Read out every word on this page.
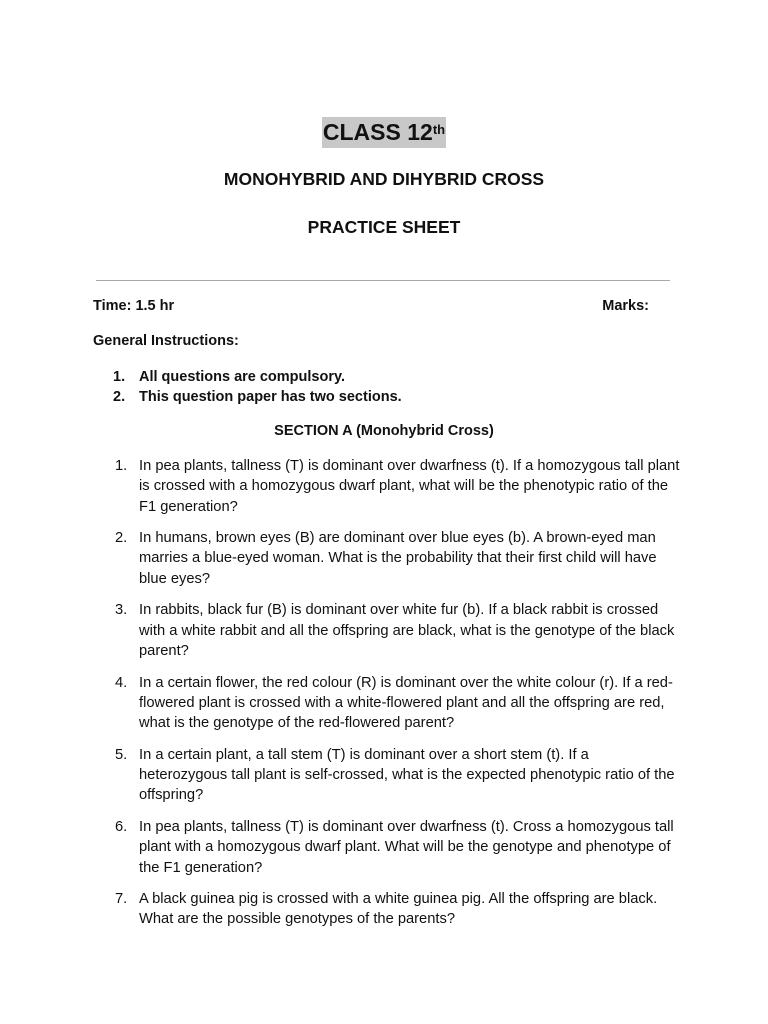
CLASS 12th
MONOHYBRID AND DIHYBRID CROSS
PRACTICE SHEET
Time: 1.5 hr	Marks:
General Instructions:
1. All questions are compulsory.
2. This question paper has two sections.
SECTION A (Monohybrid Cross)
1. In pea plants, tallness (T) is dominant over dwarfness (t). If a homozygous tall plant is crossed with a homozygous dwarf plant, what will be the phenotypic ratio of the F1 generation?
2. In humans, brown eyes (B) are dominant over blue eyes (b). A brown-eyed man marries a blue-eyed woman. What is the probability that their first child will have blue eyes?
3. In rabbits, black fur (B) is dominant over white fur (b). If a black rabbit is crossed with a white rabbit and all the offspring are black, what is the genotype of the black parent?
4. In a certain flower, the red colour (R) is dominant over the white colour (r). If a red-flowered plant is crossed with a white-flowered plant and all the offspring are red, what is the genotype of the red-flowered parent?
5. In a certain plant, a tall stem (T) is dominant over a short stem (t). If a heterozygous tall plant is self-crossed, what is the expected phenotypic ratio of the offspring?
6. In pea plants, tallness (T) is dominant over dwarfness (t). Cross a homozygous tall plant with a homozygous dwarf plant. What will be the genotype and phenotype of the F1 generation?
7. A black guinea pig is crossed with a white guinea pig. All the offspring are black. What are the possible genotypes of the parents?
